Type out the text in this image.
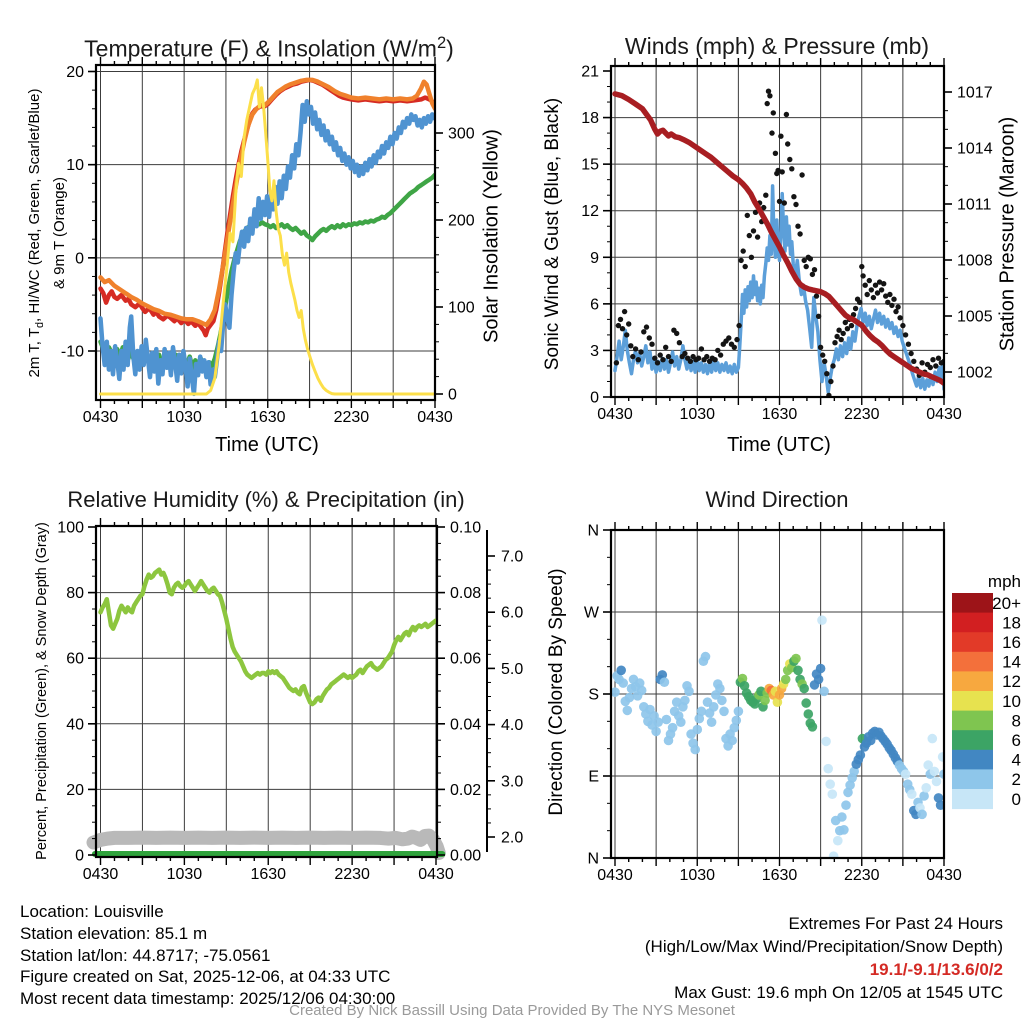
0430	1030	1630	2230	0430
-10
0
10
20
0
100
200
300
0430	1030	1630	2230	0430
0
3
6
9
12
15
18
21
1002
1005
1008
1011
1014
1017
0430	1030	1630	2230	0430
0
20
40
60
80
100
0.00
0.02
0.04
0.06
0.08
0.10
2.0
3.0
4.0
5.0
6.0
7.0
0430	1030	1630	2230	0430
N
E
S
W
N
mph
20+
18
16
14
12
10
8
6
4
2
0
Temperature (F) & Insolation $(W/m^2)$	Winds (mph) & Pressure (mb)
Relative Humidity (%) & Precipitation (in)	Wind Direction
Time (UTC)	Time (UTC)
2m T, $T_d$, HI/WC (Red, Green, Scarlet/Blue) & 9m T (Orange)	Solar Insolation (Yellow) Sonic Wind & Gust (Blue, Black)	Station Pressure (Maroon)
Percent, Precipitation (Green), & Snow Depth (Gray)	Direction (Colored By Speed)
Location: Louisville
Station elevation: 85.1 m
Station lat/lon: 44.8717; -75.0561
Figure created on Sat, 2025-12-06, at 04:33 UTC
Most recent data timestamp: 2025/12/06 04:30:00
Extremes For Past 24 Hours
(High/Low/Max Wind/Precipitation/Snow Depth)
19.1/-9.1/13.6/0/2
Max Gust: 19.6 mph On 12/05 at 1545 UTC
Created By Nick Bassill Using Data Provided By The NYS Mesonet
